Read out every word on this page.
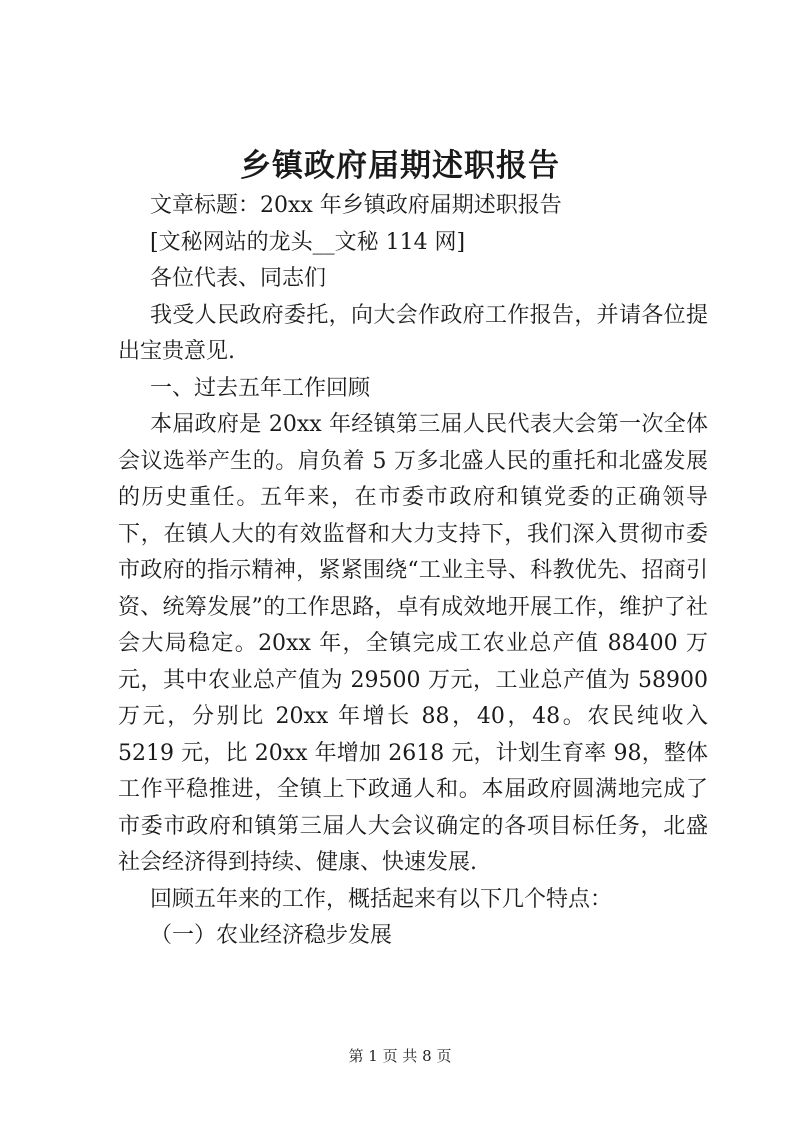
乡镇政府届期述职报告

文章标题：20xx 年乡镇政府届期述职报告

[文秘网站的龙头__文秘 114 网]

各位代表、同志们

我受人民政府委托，向大会作政府工作报告，并请各位提出宝贵意见.

一、过去五年工作回顾

本届政府是 20xx 年经镇第三届人民代表大会第一次全体会议选举产生的。肩负着 5 万多北盛人民的重托和北盛发展的历史重任。五年来，在市委市政府和镇党委的正确领导下，在镇人大的有效监督和大力支持下，我们深入贯彻市委市政府的指示精神，紧紧围绕“工业主导、科教优先、招商引资、统筹发展”的工作思路，卓有成效地开展工作，维护了社会大局稳定。20xx 年，全镇完成工农业总产值 88400 万元，其中农业总产值为 29500 万元，工业总产值为 58900 万元，分别比 20xx 年增长 88，40，48。农民纯收入 5219 元，比 20xx 年增加 2618 元，计划生育率 98，整体工作平稳推进，全镇上下政通人和。本届政府圆满地完成了市委市政府和镇第三届人大会议确定的各项目标任务，北盛社会经济得到持续、健康、快速发展.

回顾五年来的工作，概括起来有以下几个特点：

（一）农业经济稳步发展

第 1 页 共 8 页
